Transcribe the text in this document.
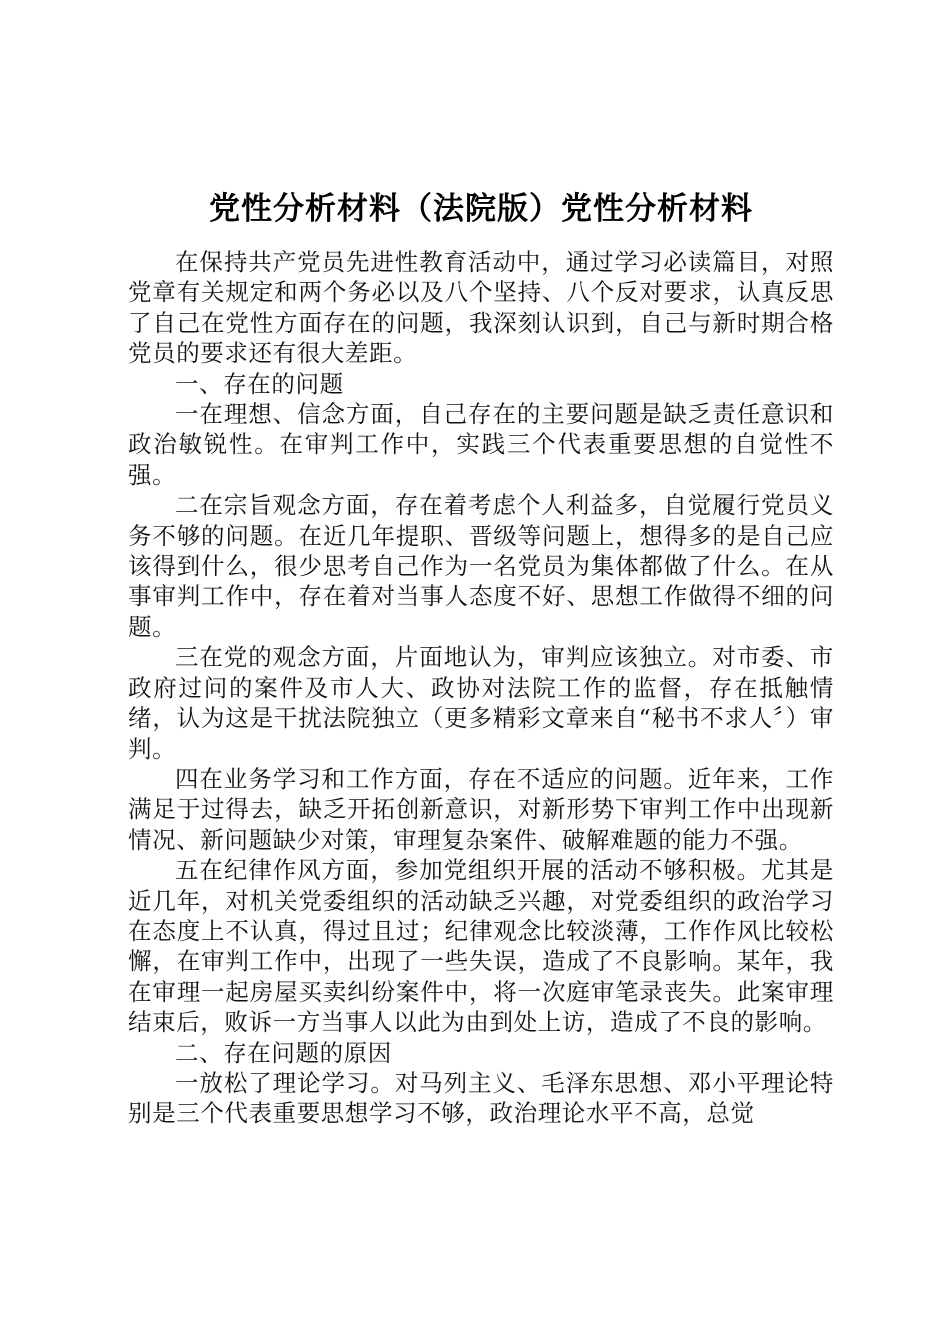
党性分析材料（法院版）党性分析材料

在保持共产党员先进性教育活动中，通过学习必读篇目，对照党章有关规定和两个务必以及八个坚持、八个反对要求，认真反思了自己在党性方面存在的问题，我深刻认识到，自己与新时期合格党员的要求还有很大差距。

一、存在的问题

一在理想、信念方面，自己存在的主要问题是缺乏责任意识和政治敏锐性。在审判工作中，实践三个代表重要思想的自觉性不强。

二在宗旨观念方面，存在着考虑个人利益多，自觉履行党员义务不够的问题。在近几年提职、晋级等问题上，想得多的是自己应该得到什么，很少思考自己作为一名党员为集体都做了什么。在从事审判工作中，存在着对当事人态度不好、思想工作做得不细的问题。

三在党的观念方面，片面地认为，审判应该独立。对市委、市政府过问的案件及市人大、政协对法院工作的监督，存在抵触情绪，认为这是干扰法院独立（更多精彩文章来自“秘书不求人〞）审判。

四在业务学习和工作方面，存在不适应的问题。近年来，工作满足于过得去，缺乏开拓创新意识，对新形势下审判工作中出现新情况、新问题缺少对策，审理复杂案件、破解难题的能力不强。

五在纪律作风方面，参加党组织开展的活动不够积极。尤其是近几年，对机关党委组织的活动缺乏兴趣，对党委组织的政治学习在态度上不认真，得过且过；纪律观念比较淡薄，工作作风比较松懈，在审判工作中，出现了一些失误，造成了不良影响。某年，我在审理一起房屋买卖纠纷案件中，将一次庭审笔录丧失。此案审理结束后，败诉一方当事人以此为由到处上访，造成了不良的影响。

二、存在问题的原因

一放松了理论学习。对马列主义、毛泽东思想、邓小平理论特别是三个代表重要思想学习不够，政治理论水平不高，总觉
